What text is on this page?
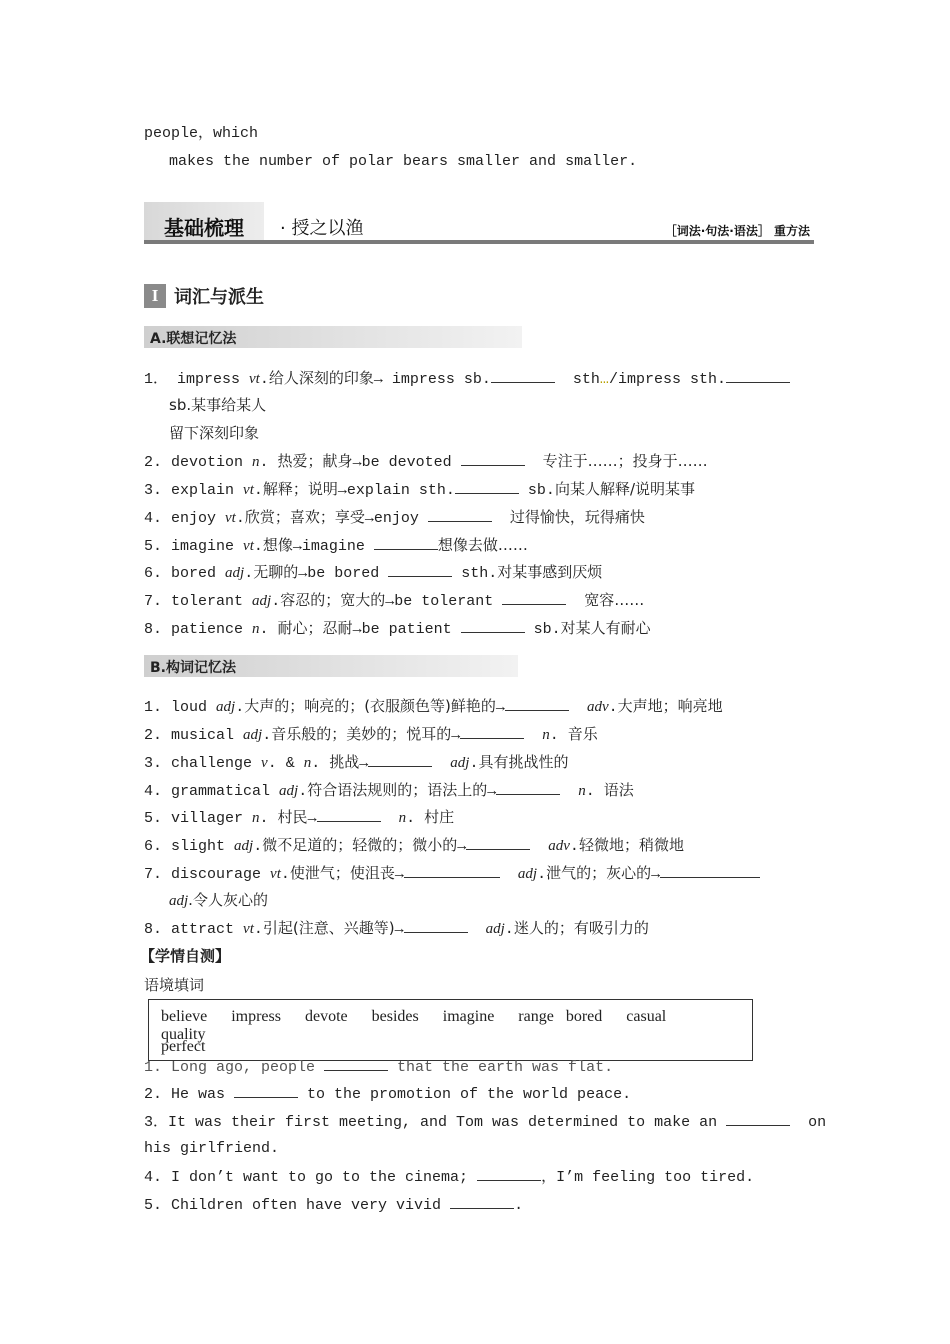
people，which
makes the number of polar bears smaller and smaller.
基础梳理 · 授之以渔	［词法·句法·语法］ 重方法
I 词汇与派生
A.联想记忆法
1． impress vt.给人深刻的印象→ impress sb.	sth…/impress sth.
sb.某事给某人
留下深刻印象
2. devotion n. 热爱；献身→be devoted	专注于……；投身于……
3. explain vt.解释；说明→explain sth.	sb.向某人解释/说明某事
4. enjoy vt.欣赏；喜欢；享受→enjoy	过得愉快，玩得痛快
5. imagine vt.想像→imagine	想像去做……
6. bored adj.无聊的→be bored	sth.对某事感到厌烦
7. tolerant adj.容忍的；宽大的→be tolerant	宽容……
8. patience n. 耐心；忍耐→be patient	sb.对某人有耐心
B.构词记忆法
1. loud adj.大声的；响亮的；(衣服颜色等)鲜艳的→	adv.大声地；响亮地
2. musical adj.音乐般的；美妙的；悦耳的→	n. 音乐
3. challenge v. & n. 挑战→	adj.具有挑战性的
4. grammatical adj.符合语法规则的；语法上的→	n. 语法
5. villager n. 村民→	n. 村庄
6. slight adj.微不足道的；轻微的；微小的→	adv.轻微地；稍微地
7. discourage vt.使泄气；使沮丧→	adj.泄气的；灰心的→
adj.令人灰心的
8. attract vt.引起(注意、兴趣等)→	adj.迷人的；有吸引力的
【学情自测】
语境填词
believe impress devote besides imagine range bored casual quality
perfect
1. Long ago, people	that the earth was flat.
2. He was	to the promotion of the world peace.
3．It was their first meeting, and Tom was determined to make an	on
his girlfriend.
4. I don’t want to go to the cinema;	，I’m feeling too tired.
5. Children often have very vivid	.
